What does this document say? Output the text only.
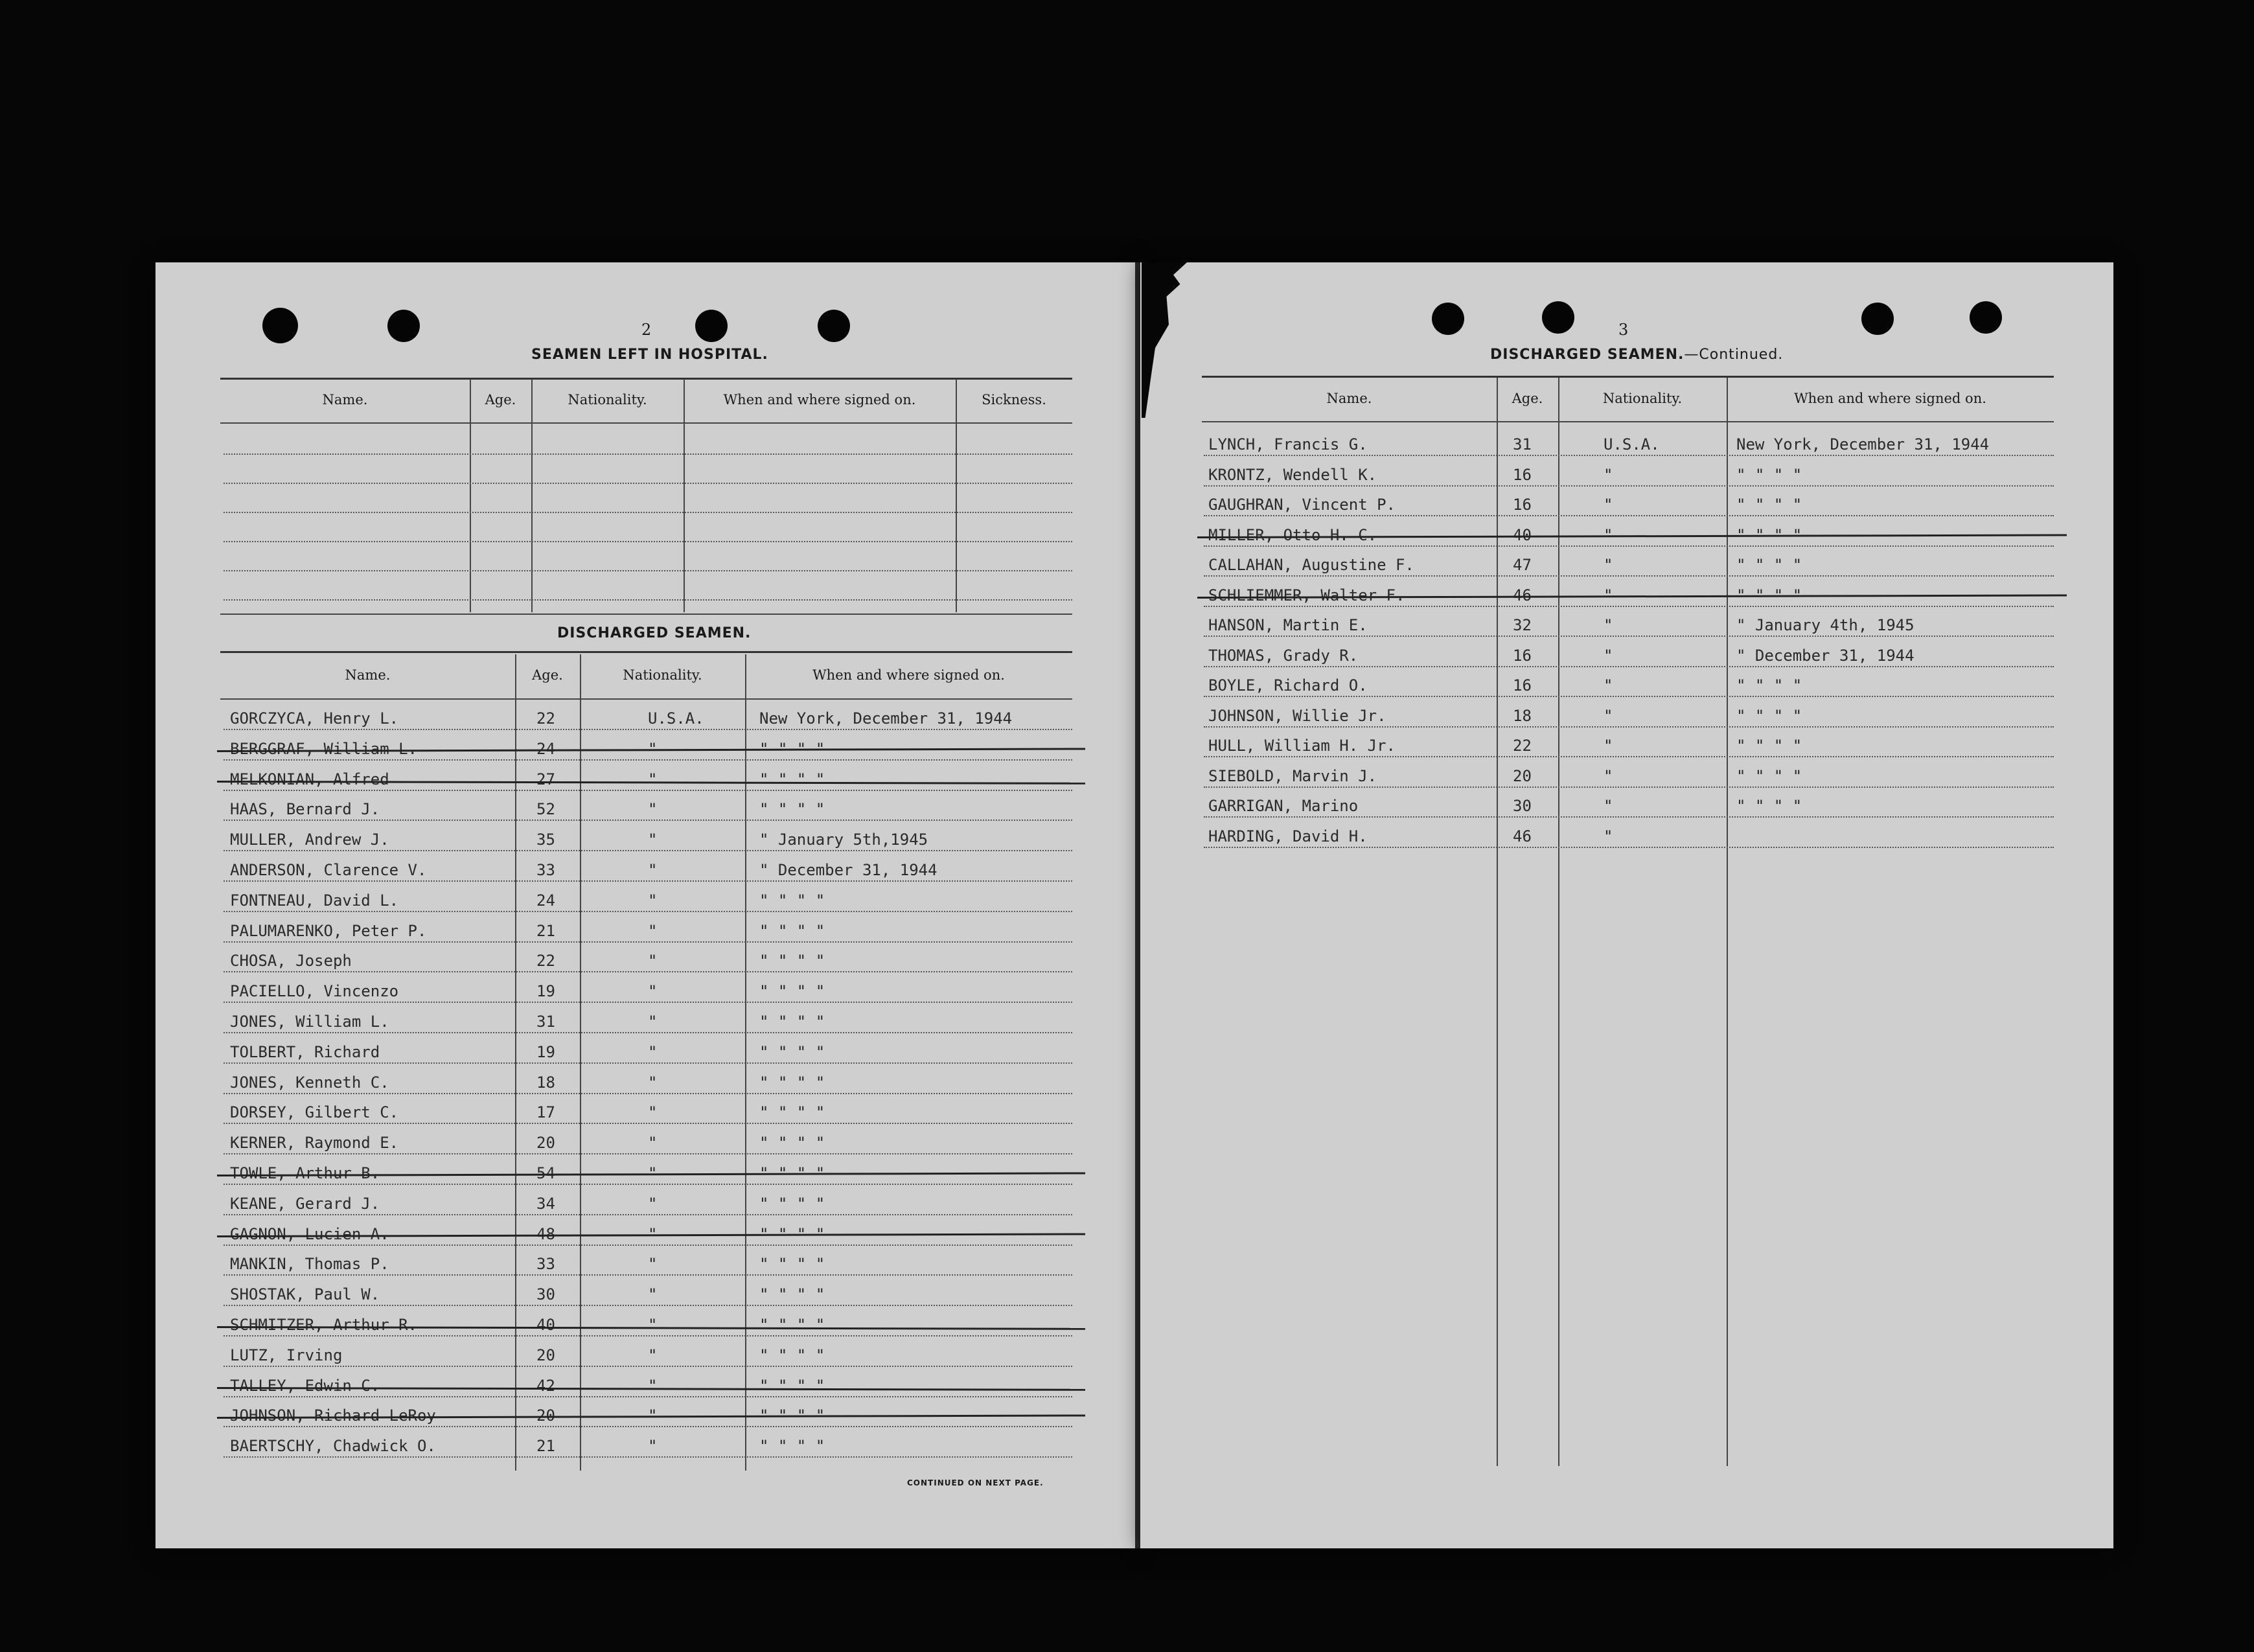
2
SEAMEN LEFT IN HOSPITAL.
Name.	Age.	Nationality.	When and where signed on.	Sickness.
DISCHARGED SEAMEN.
Name.	Age.	Nationality.	When and where signed on.
GORCZYCA, Henry L.	22	U.S.A.	New York, December 31, 1944
BERGGRAF, William L.	24	"	" " " "
MELKONIAN, Alfred	27	"	" " " "
HAAS, Bernard J.	52	"	" " " "
MULLER, Andrew J.	35	"	" January 5th,1945
ANDERSON, Clarence V.	33	"	" December 31, 1944
FONTNEAU, David L.	24	"	" " " "
PALUMARENKO, Peter P.	21	"	" " " "
CHOSA, Joseph	22	"	" " " "
PACIELLO, Vincenzo	19	"	" " " "
JONES, William L.	31	"	" " " "
TOLBERT, Richard	19	"	" " " "
JONES, Kenneth C.	18	"	" " " "
DORSEY, Gilbert C.	17	"	" " " "
KERNER, Raymond E.	20	"	" " " "
TOWLE, Arthur B.	54	"	" " " "
KEANE, Gerard J.	34	"	" " " "
GAGNON, Lucien A.	48	"	" " " "
MANKIN, Thomas P.	33	"	" " " "
SHOSTAK, Paul W.	30	"	" " " "
SCHMITZER, Arthur R.	40	"	" " " "
LUTZ, Irving	20	"	" " " "
TALLEY, Edwin C.	42	"	" " " "
JOHNSON, Richard LeRoy	20	"	" " " "
BAERTSCHY, Chadwick O.	21	"	" " " "
CONTINUED ON NEXT PAGE.
3
DISCHARGED SEAMEN.—Continued.
Name.	Age.	Nationality.	When and where signed on.
LYNCH, Francis G.	31	U.S.A.	New York, December 31, 1944
KRONTZ, Wendell K.	16	"	" " " "
GAUGHRAN, Vincent P.	16	"	" " " "
MILLER, Otto H. C.	40	"	" " " "
CALLAHAN, Augustine F.	47	"	" " " "
SCHLIEMMER, Walter F.	46	"	" " " "
HANSON, Martin E.	32	"	" January 4th, 1945
THOMAS, Grady R.	16	"	" December 31, 1944
BOYLE, Richard O.	16	"	" " " "
JOHNSON, Willie Jr.	18	"	" " " "
HULL, William H. Jr.	22	"	" " " "
SIEBOLD, Marvin J.	20	"	" " " "
GARRIGAN, Marino	30	"	" " " "
HARDING, David H.	46	"
